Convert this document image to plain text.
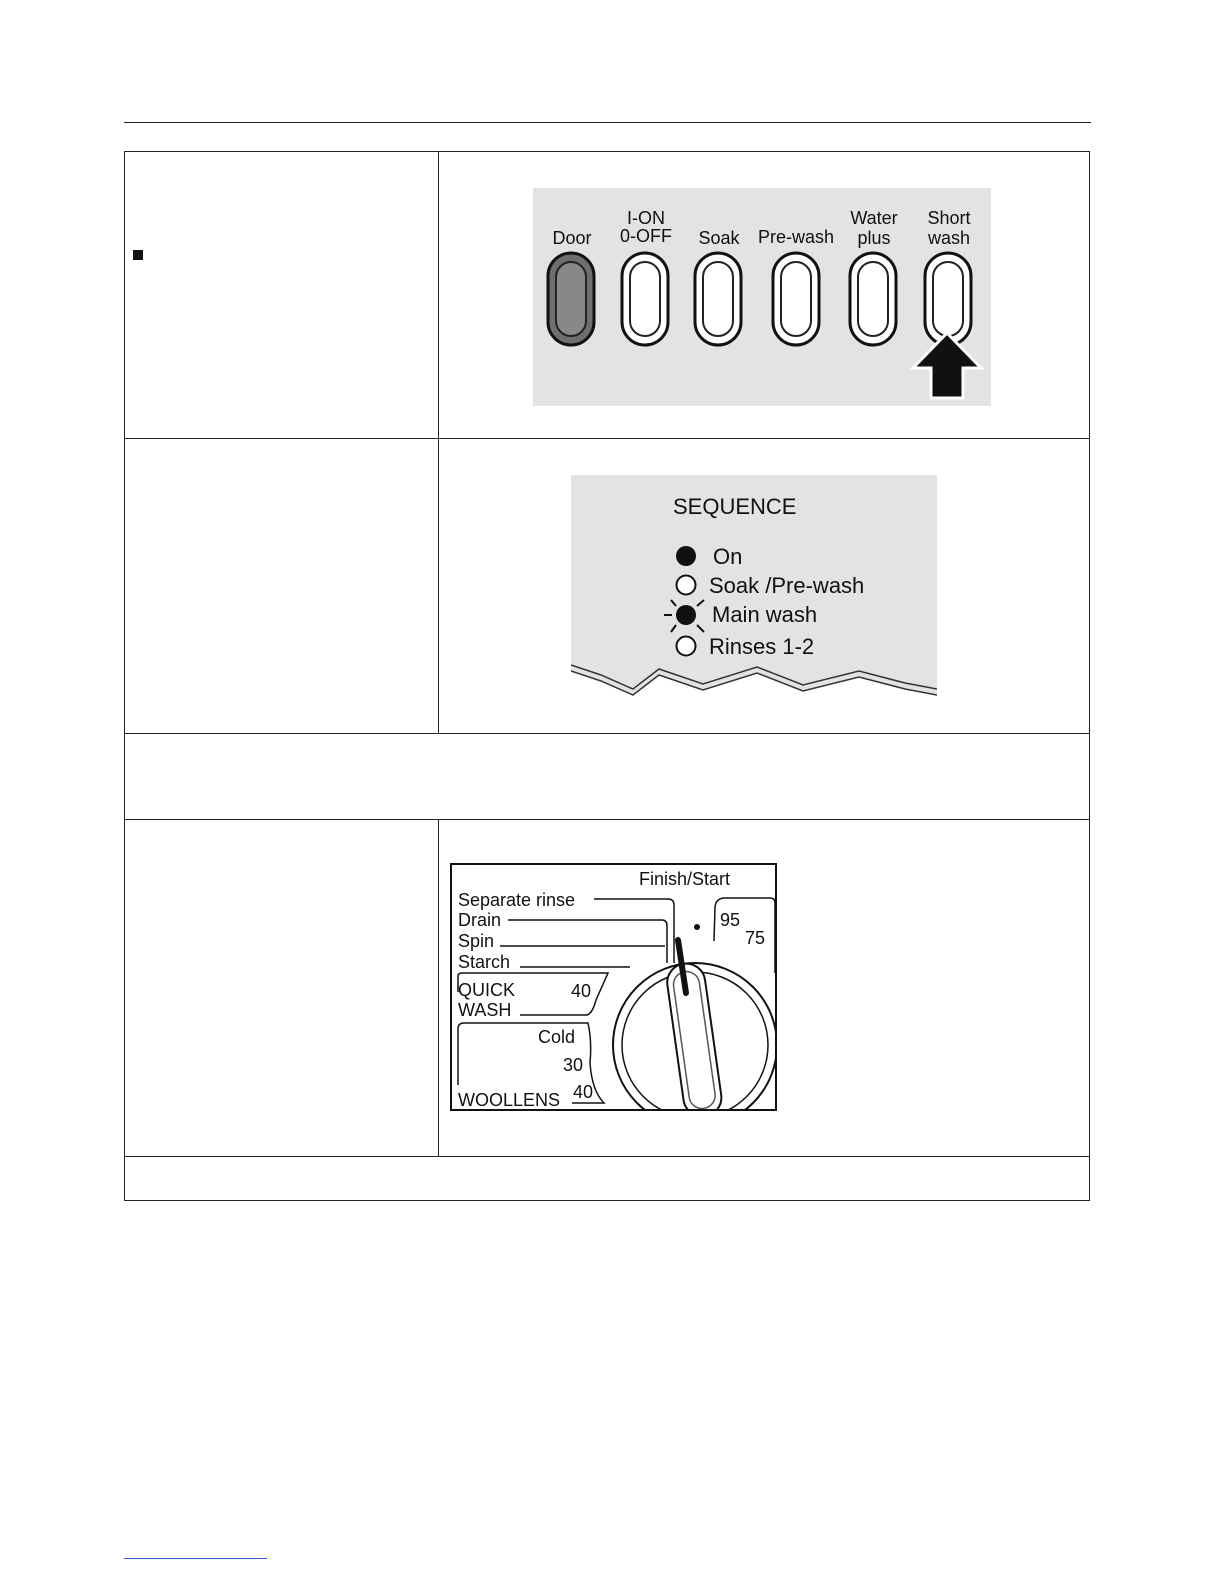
Door
I-ON
0-OFF Soak Pre-wash
Water
plus
Short
wash
SEQUENCE
On
Soak /Pre-wash
Main wash
Rinses 1-2
Finish/Start
Separate rinse
Drain
Spin
Starch
QUICK
WASH
40
Cold
30
WOOLLENS 40
95
75
